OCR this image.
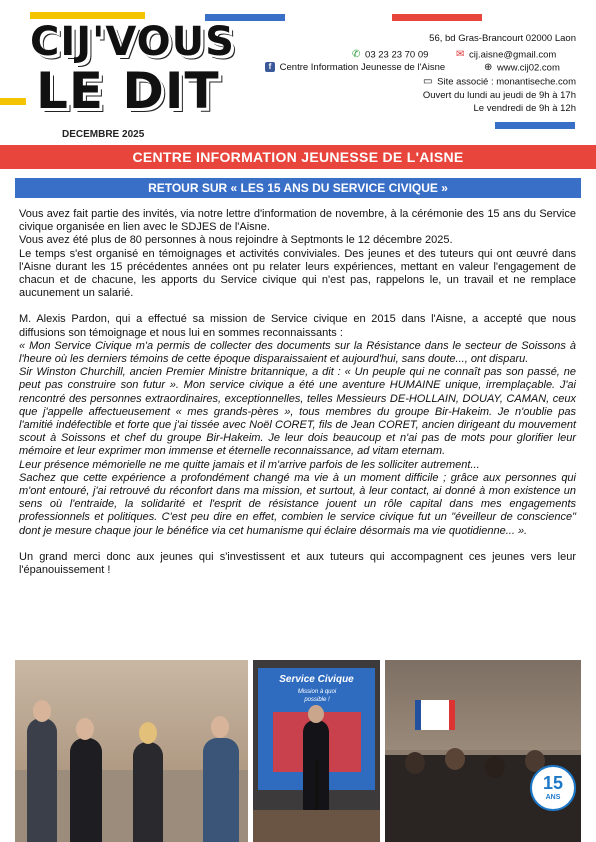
CIJ'VOUS
LE DIT
DECEMBRE 2025
56, bd Gras-Brancourt 02000 Laon
✆ 03 23 23 70 09	✉ cij.aisne@gmail.com
f Centre Information Jeunesse de l'Aisne	⊕ www.cij02.com
▭ Site associé : monantiseche.com
Ouvert du lundi au jeudi de 9h à 17h
Le vendredi de 9h à 12h
CENTRE INFORMATION JEUNESSE DE L'AISNE
RETOUR SUR « LES 15 ANS DU SERVICE CIVIQUE »

Vous avez fait partie des invités, via notre lettre d'information de novembre, à la cérémonie des 15 ans du Service civique organisée en lien avec le SDJES de l'Aisne.

Vous avez été plus de 80 personnes à nous rejoindre à Septmonts le 12 décembre 2025.

Le temps s'est organisé en témoignages et activités conviviales. Des jeunes et des tuteurs qui ont œuvré dans l'Aisne durant les 15 précédentes années ont pu relater leurs expériences, mettant en valeur l'engagement de chacun et de chacune, les apports du Service civique qui n'est pas, rappelons le, un travail et ne remplace aucunement un salarié.

M. Alexis Pardon, qui a effectué sa mission de Service civique en 2015 dans l'Aisne, a accepté que nous diffusions son témoignage et nous lui en sommes reconnaissants :

« Mon Service Civique m'a permis de collecter des documents sur la Résistance dans le secteur de Soissons à l'heure où les derniers témoins de cette époque disparaissaient et aujourd'hui, sans doute..., ont disparu.

Sir Winston Churchill, ancien Premier Ministre britannique, a dit : « Un peuple qui ne connaît pas son passé, ne peut pas construire son futur ». Mon service civique a été une aventure HUMAINE unique, irremplaçable. J'ai rencontré des personnes extraordinaires, exceptionnelles, telles Messieurs DE-HOLLAIN, DOUAY, CAMAN, ceux que j'appelle affectueusement « mes grands-pères », tous membres du groupe Bir-Hakeim. Je n'oublie pas l'amitié indéfectible et forte que j'ai tissée avec Noël CORET, fils de Jean CORET, ancien dirigeant du mouvement scout à Soissons et chef du groupe Bir-Hakeim. Je leur dois beaucoup et n'ai pas de mots pour glorifier leur mémoire et leur exprimer mon immense et éternelle reconnaissance, ad vitam eternam.

Leur présence mémorielle ne me quitte jamais et il m'arrive parfois de les solliciter autrement...

Sachez que cette expérience a profondément changé ma vie à un moment difficile ; grâce aux personnes qui m'ont entouré, j'ai retrouvé du réconfort dans ma mission, et surtout, à leur contact, ai donné à mon existence un sens où l'entraide, la solidarité et l'esprit de résistance jouent un rôle capital dans mes engagements professionnels et politiques. C'est peu dire en effet, combien le service civique fut un "éveilleur de conscience" dont je mesure chaque jour le bénéfice via cet humanisme qui éclaire désormais ma vie quotidienne... ».

Un grand merci donc aux jeunes qui s'investissent et aux tuteurs qui accompagnent ces jeunes vers leur l'épanouissement !

Service Civique
Mission à quoi possible !
15
ANS
